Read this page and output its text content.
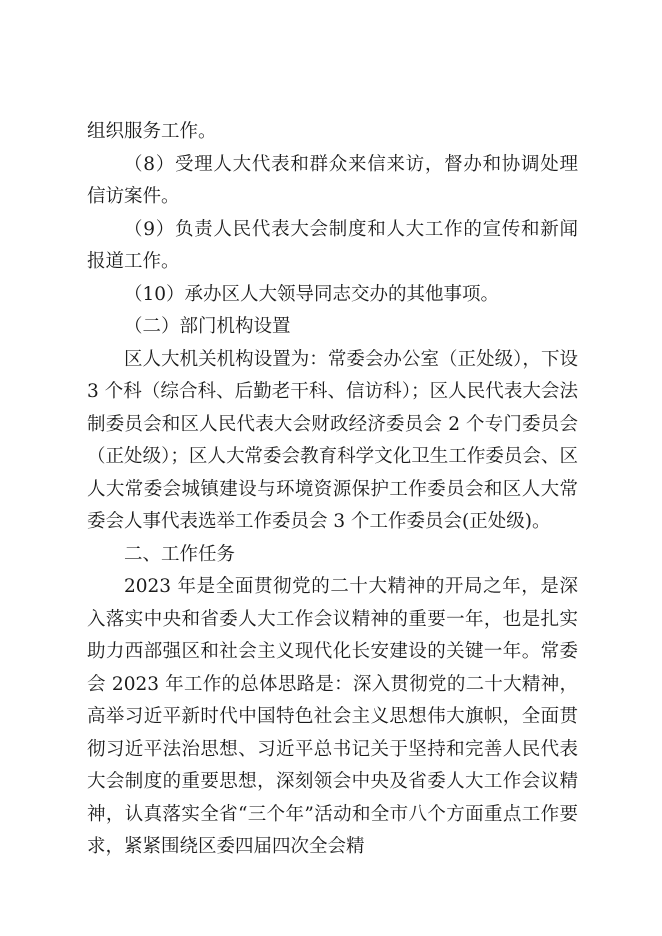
组织服务工作。

（8）受理人大代表和群众来信来访，督办和协调处理信访案件。

（9）负责人民代表大会制度和人大工作的宣传和新闻报道工作。

（10）承办区人大领导同志交办的其他事项。

（二）部门机构设置

区人大机关机构设置为：常委会办公室（正处级），下设 3 个科（综合科、后勤老干科、信访科）；区人民代表大会法制委员会和区人民代表大会财政经济委员会 2 个专门委员会（正处级）；区人大常委会教育科学文化卫生工作委员会、区人大常委会城镇建设与环境资源保护工作委员会和区人大常委会人事代表选举工作委员会 3 个工作委员会(正处级)。

二、工作任务

2023 年是全面贯彻党的二十大精神的开局之年，是深入落实中央和省委人大工作会议精神的重要一年，也是扎实助力西部强区和社会主义现代化长安建设的关键一年。常委会 2023 年工作的总体思路是：深入贯彻党的二十大精神，高举习近平新时代中国特色社会主义思想伟大旗帜，全面贯彻习近平法治思想、习近平总书记关于坚持和完善人民代表大会制度的重要思想，深刻领会中央及省委人大工作会议精神，认真落实全省“三个年”活动和全市八个方面重点工作要求，紧紧围绕区委四届四次全会精
